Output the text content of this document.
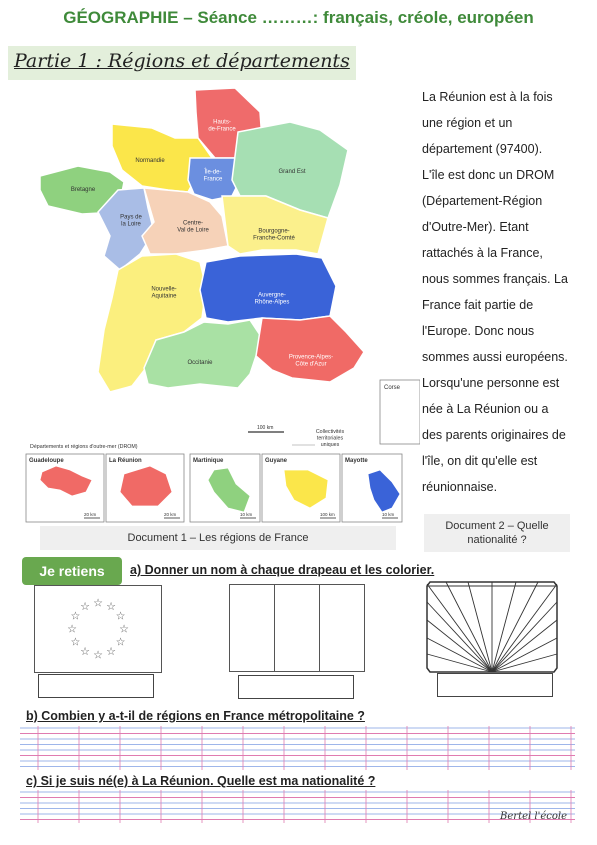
GÉOGRAPHIE – Séance ………: français, créole, européen
Partie 1 : Régions et départements
Hauts-de-France
Normandie
Île-de-France
Grand Est
Bretagne
Pays de la Loire	Centre-Val de Loire	Bourgogne-Franche-Comté
Nouvelle-Aquitaine	Auvergne-Rhône-Alpes
Occitanie
Provence-Alpes-Côte d'Azur
Corse
100 km
Collectivités territoriales uniques
Départements et régions d'outre-mer (DROM)
Guadeloupe
20 km
La Réunion
20 km
Martinique
10 km
Guyane
100 km
Mayotte
10 km
La Réunion est à la fois
une région et un
département (97400).
L'île est donc un DROM
(Département-Région
d'Outre-Mer). Etant
rattachés à la France,
nous sommes français. La
France fait partie de
l'Europe. Donc nous
sommes aussi européens.
Lorsqu'une personne est
née à La Réunion ou a
des parents originaires de
l'île, on dit qu'elle est
réunionnaise.
Document 1 – Les régions de France
Document 2 – Quelle
nationalité ?
Je retiens	a) Donner un nom à chaque drapeau et les colorier.
☆ ☆
☆
☆
☆
☆
☆
☆
☆
☆
☆
☆
b) Combien y a-t-il de régions en France métropolitaine ?
c) Si je suis né(e) à La Réunion. Quelle est ma nationalité ?
Bertel l'école
